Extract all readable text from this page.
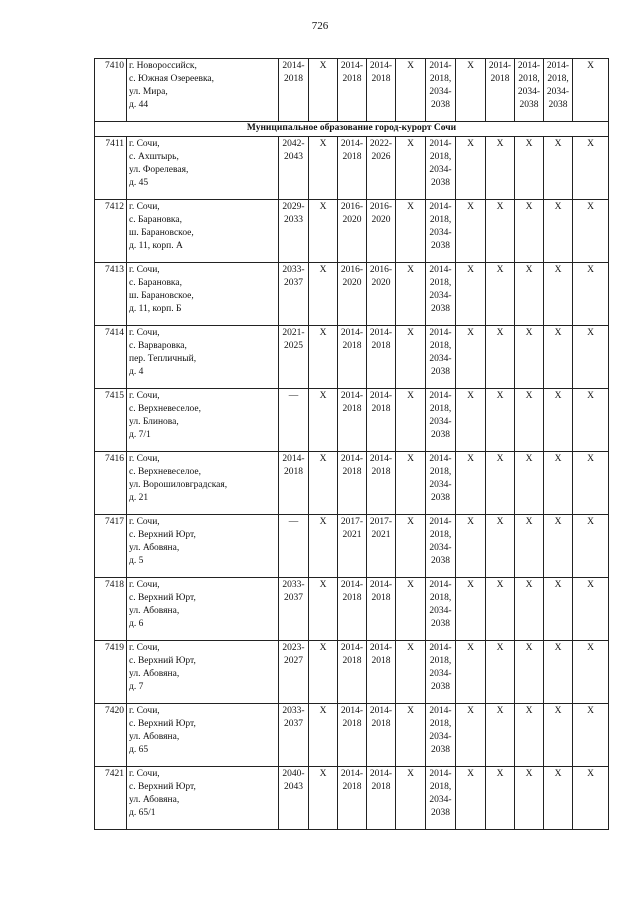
726
7410	г. Новороссийск,
с. Южная Озереевка,
ул. Мира,
д. 44	2014-
2018	X	2014-
2018	2014-
2018	X	2014-
2018,
2034-
2038	X	2014-
2018	2014-
2018,
2034-
2038	2014-
2018,
2034-
2038	X

Муниципальное образование город-курорт Сочи												
7411	г. Сочи,
с. Ахштырь,
ул. Форелевая,
д. 45	2042-
2043	X	2014-
2018	2022-
2026	X	2014-
2018,
2034-
2038	X	X	X	X	X

7412	г. Сочи,
с. Барановка,
ш. Барановское,
д. 11, корп. А	2029-
2033	X	2016-
2020	2016-
2020	X	2014-
2018,
2034-
2038	X	X	X	X	X

7413	г. Сочи,
с. Барановка,
ш. Барановское,
д. 11, корп. Б	2033-
2037	X	2016-
2020	2016-
2020	X	2014-
2018,
2034-
2038	X	X	X	X	X

7414	г. Сочи,
с. Варваровка,
пер. Тепличный,
д. 4	2021-
2025	X	2014-
2018	2014-
2018	X	2014-
2018,
2034-
2038	X	X	X	X	X

7415	г. Сочи,
с. Верхневеселое,
ул. Блинова,
д. 7/1	—	X	2014-
2018	2014-
2018	X	2014-
2018,
2034-
2038	X	X	X	X	X

7416	г. Сочи,
с. Верхневеселое,
ул. Ворошиловградская,
д. 21	2014-
2018	X	2014-
2018	2014-
2018	X	2014-
2018,
2034-
2038	X	X	X	X	X

7417	г. Сочи,
с. Верхний Юрт,
ул. Абовяна,
д. 5	—	X	2017-
2021	2017-
2021	X	2014-
2018,
2034-
2038	X	X	X	X	X

7418	г. Сочи,
с. Верхний Юрт,
ул. Абовяна,
д. 6	2033-
2037	X	2014-
2018	2014-
2018	X	2014-
2018,
2034-
2038	X	X	X	X	X

7419	г. Сочи,
с. Верхний Юрт,
ул. Абовяна,
д. 7	2023-
2027	X	2014-
2018	2014-
2018	X	2014-
2018,
2034-
2038	X	X	X	X	X

7420	г. Сочи,
с. Верхний Юрт,
ул. Абовяна,
д. 65	2033-
2037	X	2014-
2018	2014-
2018	X	2014-
2018,
2034-
2038	X	X	X	X	X

7421	г. Сочи,
с. Верхний Юрт,
ул. Абовяна,
д. 65/1	2040-
2043	X	2014-
2018	2014-
2018	X	2014-
2018,
2034-
2038	X	X	X	X	X
